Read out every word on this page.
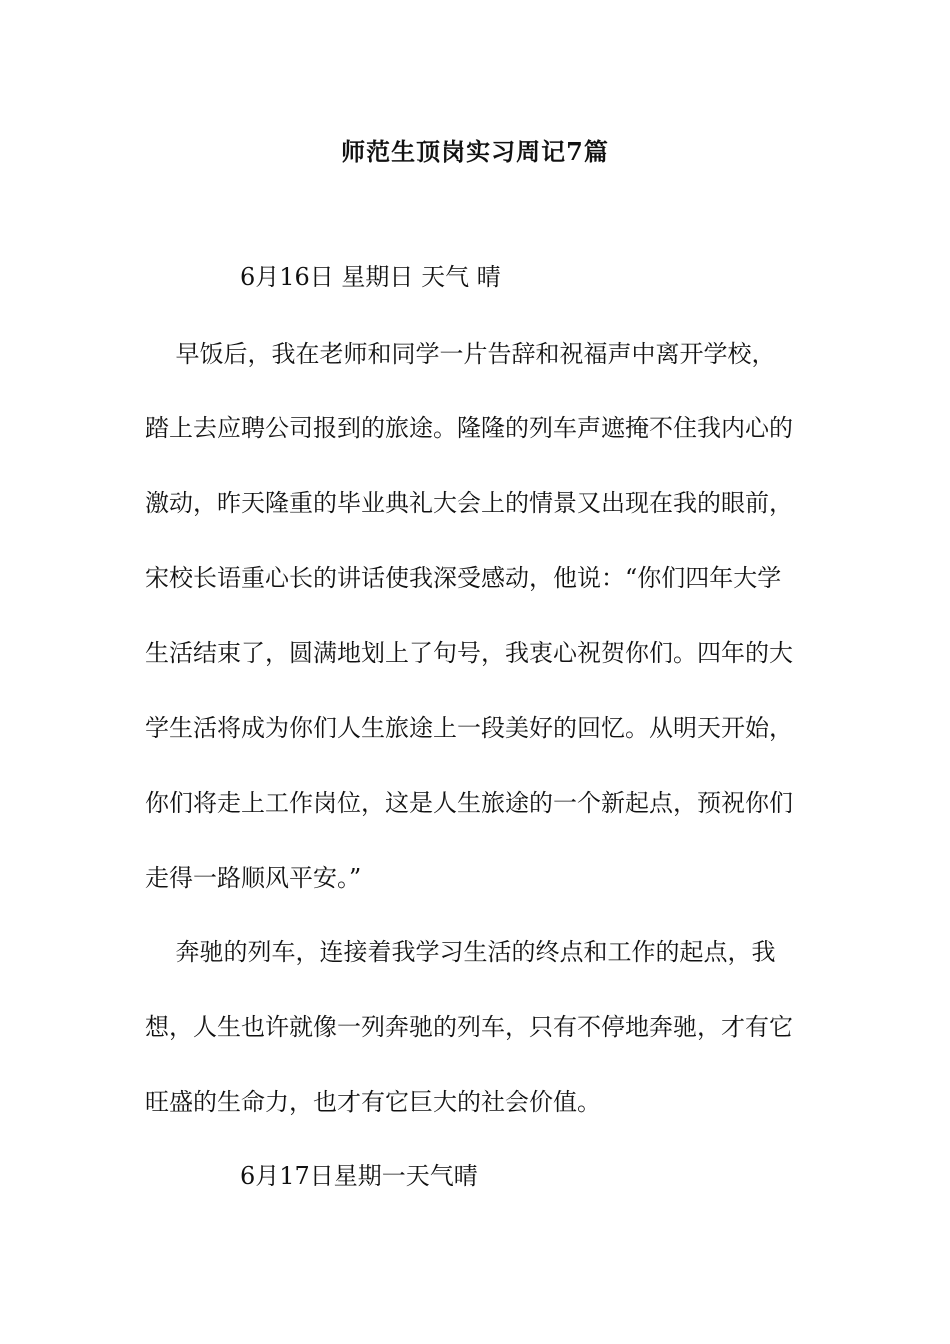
师范生顶岗实习周记7篇

6月16日 星期日 天气 晴

早饭后，我在老师和同学一片告辞和祝福声中离开学校，

踏上去应聘公司报到的旅途。隆隆的列车声遮掩不住我内心的

激动，昨天隆重的毕业典礼大会上的情景又出现在我的眼前，

宋校长语重心长的讲话使我深受感动，他说：“你们四年大学

生活结束了，圆满地划上了句号，我衷心祝贺你们。四年的大

学生活将成为你们人生旅途上一段美好的回忆。从明天开始，

你们将走上工作岗位，这是人生旅途的一个新起点，预祝你们

走得一路顺风平安。”

奔驰的列车，连接着我学习生活的终点和工作的起点，我

想，人生也许就像一列奔驰的列车，只有不停地奔驰，才有它

旺盛的生命力，也才有它巨大的社会价值。

6月17日星期一天气晴
